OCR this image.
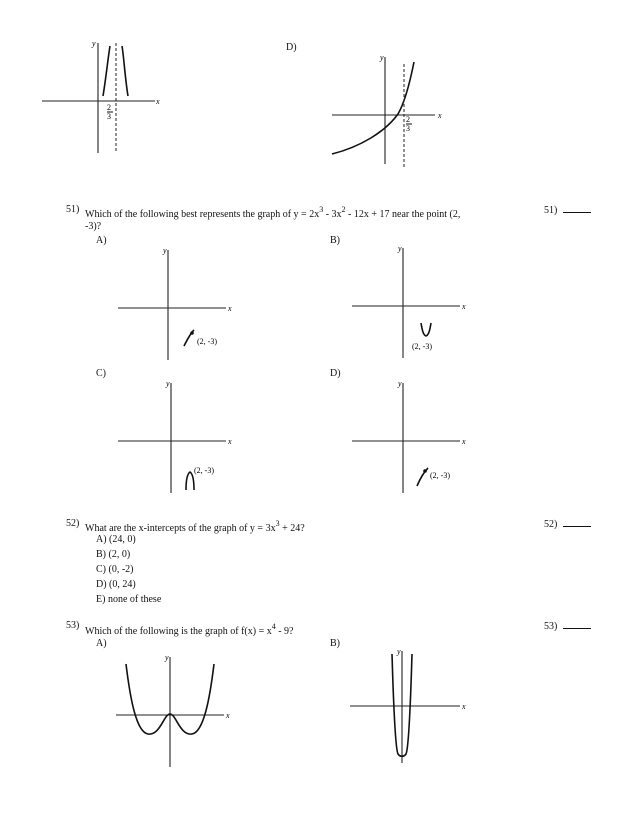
y
x
2
3
D)
y
x
2
3
51) Which of the following best represents the graph of $y = 2x^3 - 3x^2 - 12x + 17$ near the point (2,
-3)?
51)
A)
y
x
(2, -3)
B)
y
x
(2, -3)
C)
y
x
(2, -3)
D)
y
x
(2, -3)
52) What are the x-intercepts of the graph of $y = 3x^3 + 24$?	52)
A) (24, 0)
B) (2, 0)
C) (0, -2)
D) (0, 24)
E) none of these
53)
Which of the following is the graph of $f(x) = x^4 - 9$?	53)
A)
y
x
B)
y
x
